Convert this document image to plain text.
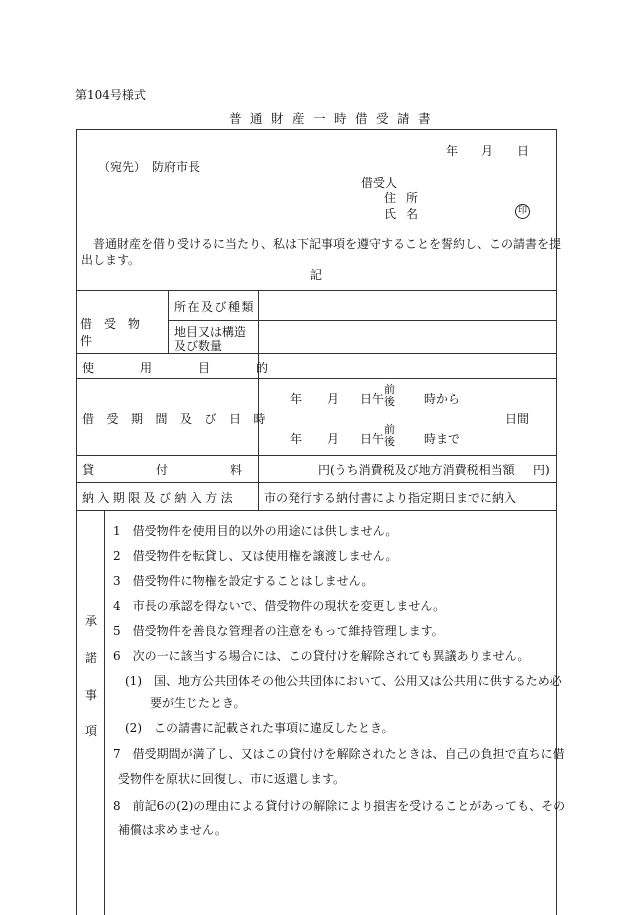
第104号様式
普通財産一時借受請書
年 月 日
（宛先） 防府市長
借受人
住所
氏名	印
普通財産を借り受けるに当たり、私は下記事項を遵守することを誓約し、この請書を提
出します。
記
借受物件
所在及び種類
地目又は構造
及び数量
使用目的
借受期間及び日時
年 月 日午
前
後 時から
日間
年 月 日午
前
後 時まで
貸付料 円(うち消費税及び地方消費税相当額 円)
納入期限及び納入方法 市の発行する納付書により指定期日までに納入
承
諾
事
項
1　借受物件を使用目的以外の用途には供しません。
2　借受物件を転貸し、又は使用権を譲渡しません。
3　借受物件に物権を設定することはしません。
4　市長の承認を得ないで、借受物件の現状を変更しません。
5　借受物件を善良な管理者の注意をもって維持管理します。
6　次の一に該当する場合には、この貸付けを解除されても異議ありません。
(1)　国、地方公共団体その他公共団体において、公用又は公共用に供するため必
要が生じたとき。
(2)　この請書に記載された事項に違反したとき。
7　借受期間が満了し、又はこの貸付けを解除されたときは、自己の負担で直ちに借
受物件を原状に回復し、市に返還します。
8　前記6の(2)の理由による貸付けの解除により損害を受けることがあっても、その
補償は求めません。
